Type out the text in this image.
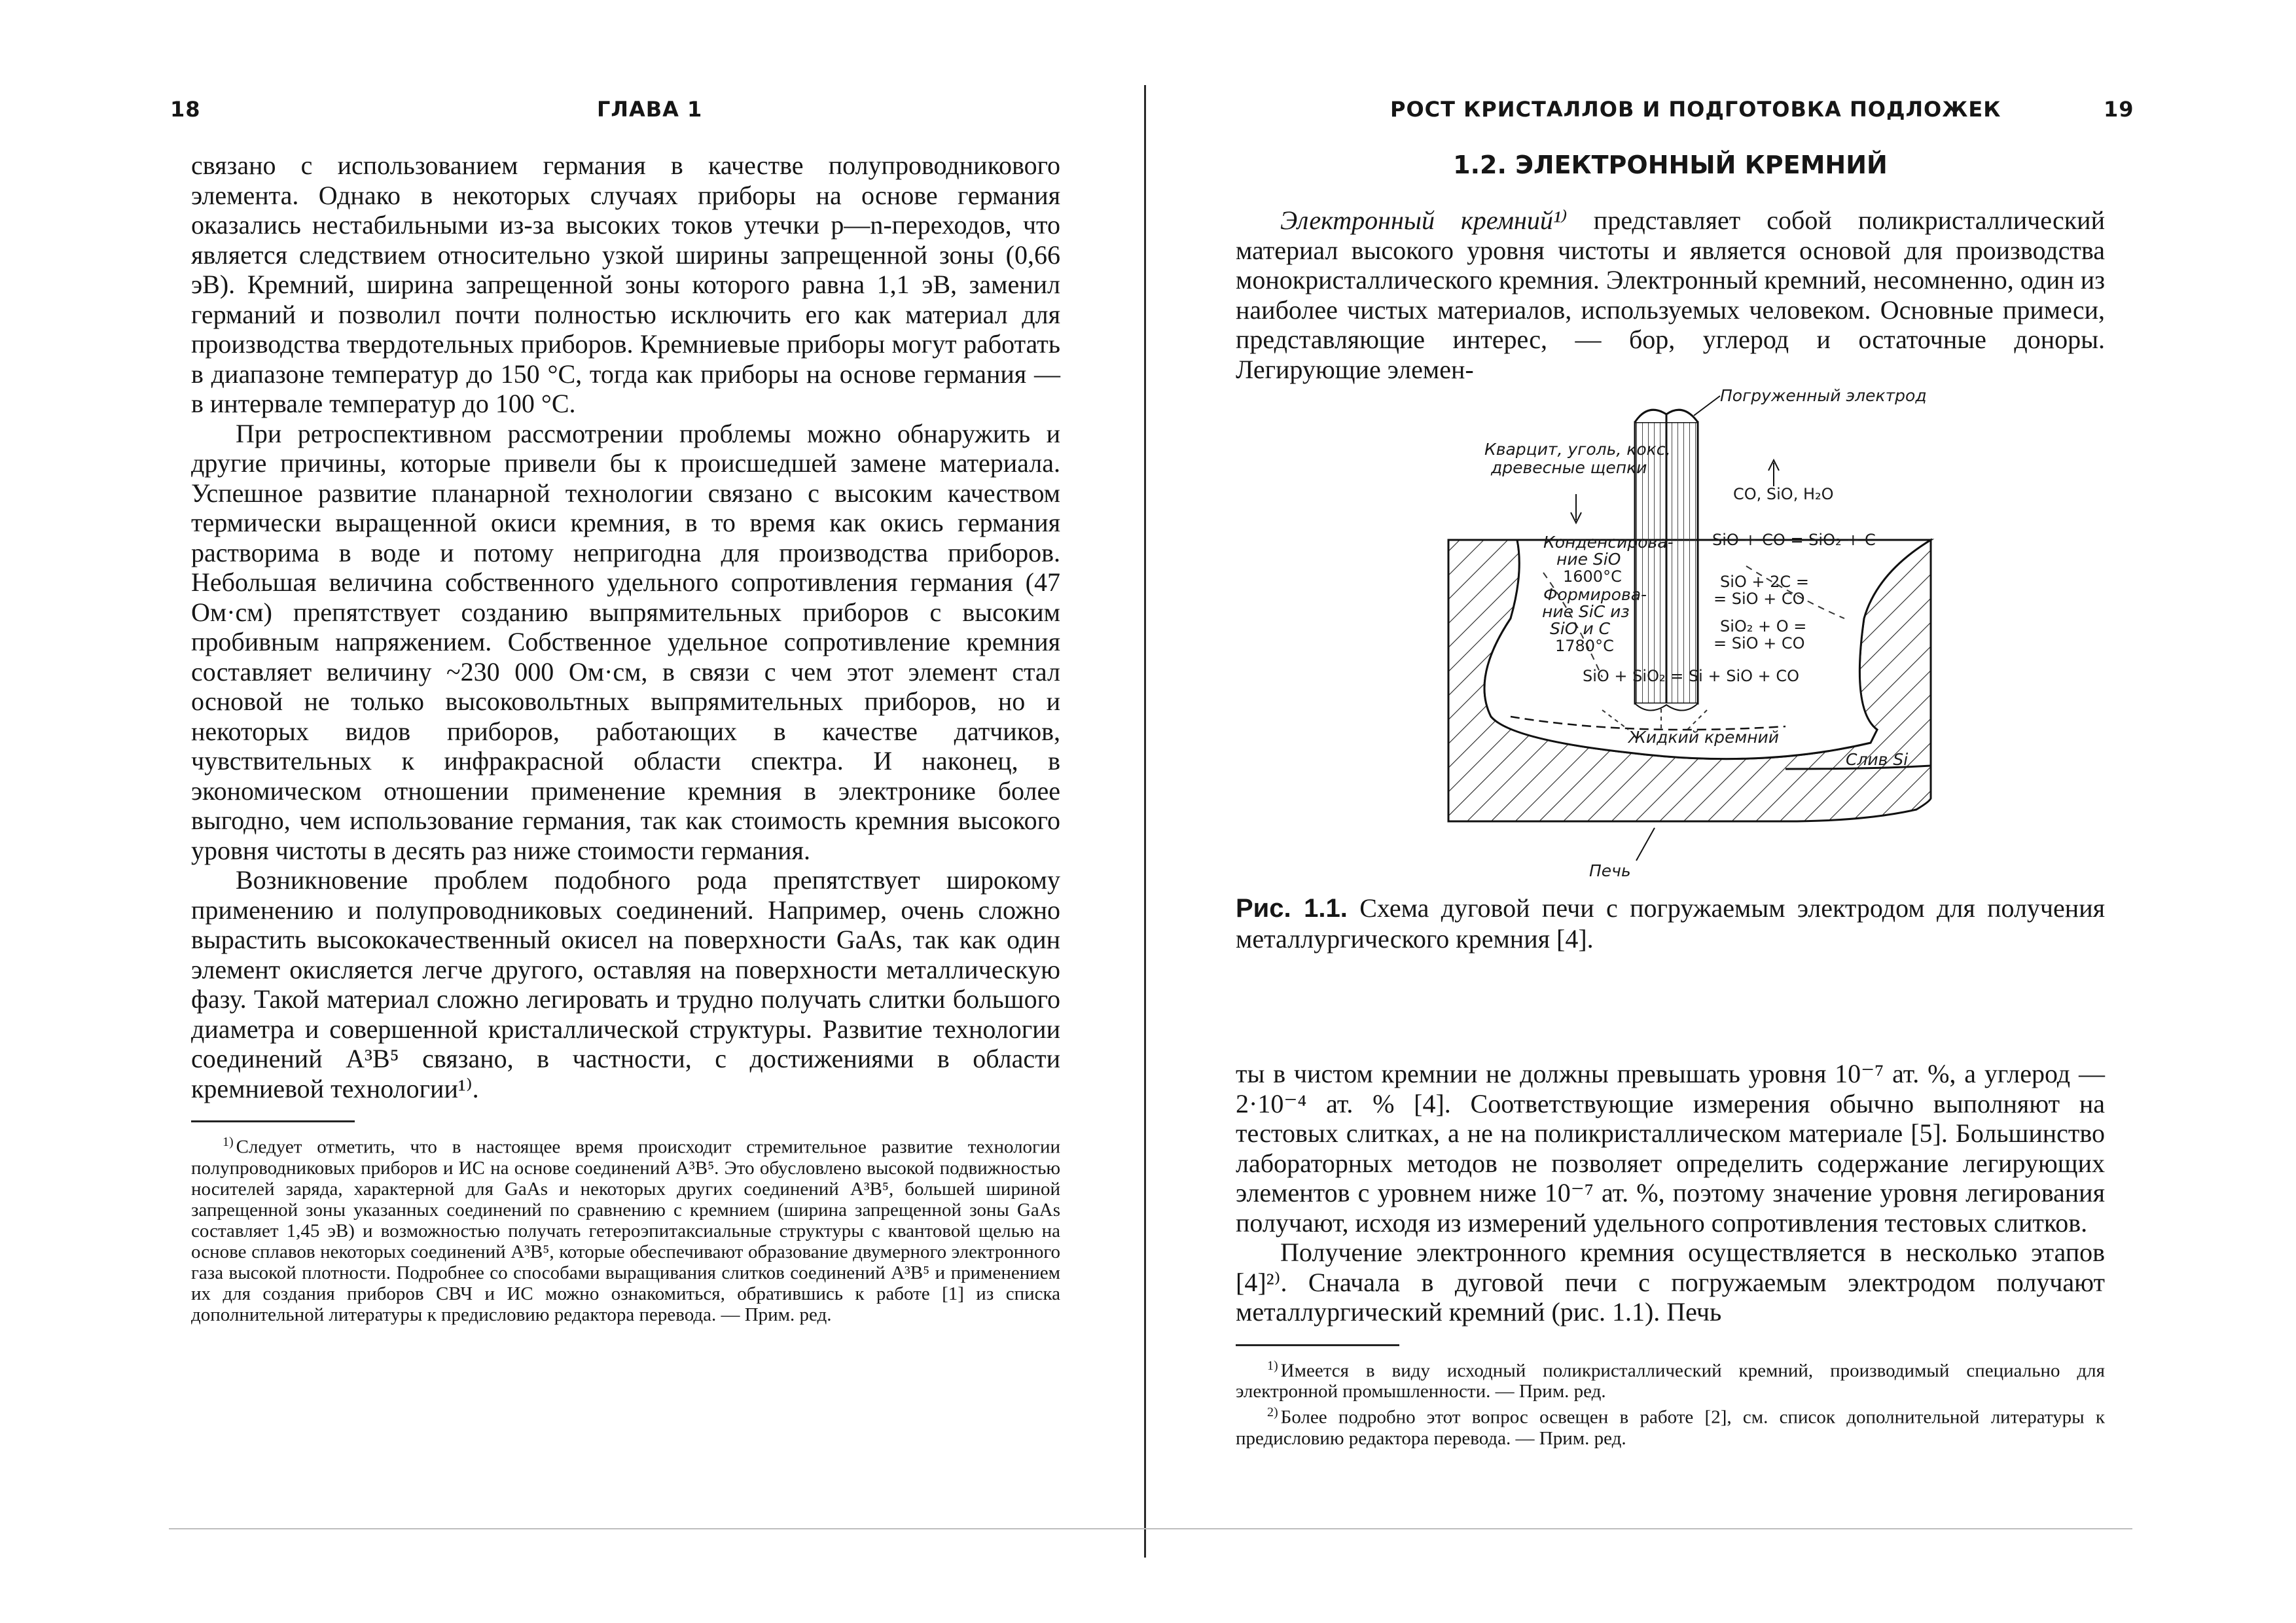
18	ГЛАВА 1

связано с использованием германия в качестве полупроводникового элемента. Однако в некоторых случаях приборы на основе германия оказались нестабильными из-за высоких токов утечки p—n-переходов, что является следствием относительно узкой ширины запрещенной зоны (0,66 эВ). Кремний, ширина запрещенной зоны которого равна 1,1 эВ, заменил германий и позволил почти полностью исключить его как материал для производства твердотельных приборов. Кремниевые приборы могут работать в диапазоне температур до 150 °С, тогда как приборы на основе германия — в интервале температур до 100 °С.

При ретроспективном рассмотрении проблемы можно обнаружить и другие причины, которые привели бы к происшедшей замене материала. Успешное развитие планарной технологии связано с высоким качеством термически выращенной окиси кремния, в то время как окись германия растворима в воде и потому непригодна для производства приборов. Небольшая величина собственного удельного сопротивления германия (47 Ом·см) препятствует созданию выпрямительных приборов с высоким пробивным напряжением. Собственное удельное сопротивление кремния составляет величину ~230 000 Ом·см, в связи с чем этот элемент стал основой не только высоковольтных выпрямительных приборов, но и некоторых видов приборов, работающих в качестве датчиков, чувствительных к инфракрасной области спектра. И наконец, в экономическом отношении применение кремния в электронике более выгодно, чем использование германия, так как стоимость кремния высокого уровня чистоты в десять раз ниже стоимости германия.

Возникновение проблем подобного рода препятствует широкому применению и полупроводниковых соединений. Например, очень сложно вырастить высококачественный окисел на поверхности GaAs, так как один элемент окисляется легче другого, оставляя на поверхности металлическую фазу. Такой материал сложно легировать и трудно получать слитки большого диаметра и совершенной кристаллической структуры. Развитие технологии соединений A³B⁵ связано, в частности, с достижениями в области кремниевой технологии¹⁾.

$^{1)}$ Следует отметить, что в настоящее время происходит стремительное развитие технологии полупроводниковых приборов и ИС на основе соединений A³B⁵. Это обусловлено высокой подвижностью носителей заряда, характерной для GaAs и некоторых других соединений A³B⁵, большей шириной запрещенной зоны указанных соединений по сравнению с кремнием (ширина запрещенной зоны GaAs составляет 1,45 эВ) и возможностью получать гетероэпитаксиальные структуры с квантовой щелью на основе сплавов некоторых соединений A³B⁵, которые обеспечивают образование двумерного электронного газа высокой плотности. Подробнее со способами выращивания слитков соединений A³B⁵ и применением их для создания приборов СВЧ и ИС можно ознакомиться, обратившись к работе [1] из списка дополнительной литературы к предисловию редактора перевода. — Прим. ред.

РОСТ КРИСТАЛЛОВ И ПОДГОТОВКА ПОДЛОЖЕК	19
1.2. ЭЛЕКТРОННЫЙ КРЕМНИЙ

Электронный кремний¹⁾ представляет собой поликристаллический материал высокого уровня чистоты и является основой для производства монокристаллического кремния. Электронный кремний, несомненно, один из наиболее чистых материалов, используемых человеком. Основные примеси, представляющие интерес, — бор, углерод и остаточные доноры. Легирующие элемен-

Погруженный электрод
Кварцит, уголь, кокс,
древесные щепки
CO, SiO, H₂O
Конденсирова-
ние SiO
1600°C
Формирова-
ние SiC из
SiO и C
1780°C
SiO + CO = SiO₂ + C
SiO + 2C =
= SiO + CO
SiO₂ + O =
= SiO + CO
SiO + SiO₂ = Si + SiO + CO
Жидкий кремний
Слив Si
Печь

Рис. 1.1. Схема дуговой печи с погружаемым электродом для получения металлургического кремния [4].

ты в чистом кремнии не должны превышать уровня 10⁻⁷ ат. %, а углерод — 2·10⁻⁴ ат. % [4]. Соответствующие измерения обычно выполняют на тестовых слитках, а не на поликристаллическом материале [5]. Большинство лабораторных методов не позволяет определить содержание легирующих элементов с уровнем ниже 10⁻⁷ ат. %, поэтому значение уровня легирования получают, исходя из измерений удельного сопротивления тестовых слитков.

Получение электронного кремния осуществляется в несколько этапов [4]²⁾. Сначала в дуговой печи с погружаемым электродом получают металлургический кремний (рис. 1.1). Печь

$^{1)}$ Имеется в виду исходный поликристаллический кремний, производимый специально для электронной промышленности. — Прим. ред.

$^{2)}$ Более подробно этот вопрос освещен в работе [2], см. список дополнительной литературы к предисловию редактора перевода. — Прим. ред.
